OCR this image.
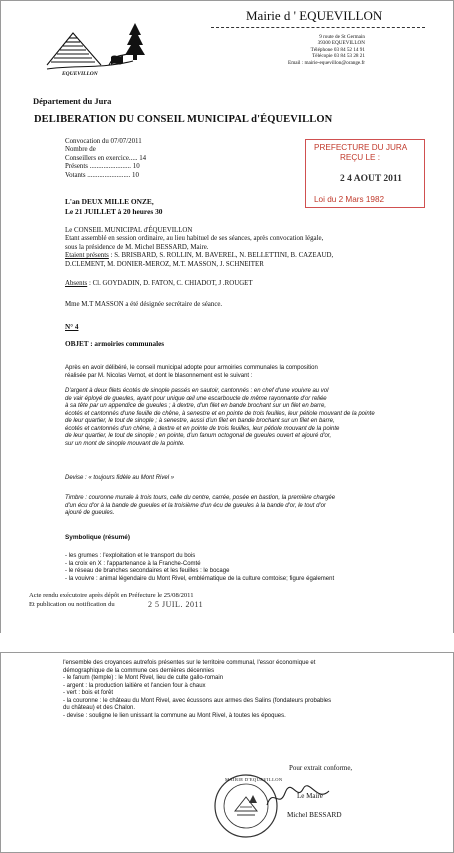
EQUEVILLON
Mairie d ' EQUEVILLON
9 route de St Germain
39300 EQUEVILLON
Téléphone 03 84 52 14 91
Télécopie 03 84 53 28 21
Email : mairie-equevillon@orange.fr
Département du Jura
DELIBERATION DU CONSEIL MUNICIPAL d'ÉQUEVILLON
Convocation du 07/07/2011
Nombre de
Conseillers en exercice..... 14
Présents ........................ 10
Votants ......................... 10
PREFECTURE DU JURA
REÇU LE :
2 4 AOUT 2011
Loi du 2 Mars 1982
L'an DEUX MILLE ONZE,
Le 21 JUILLET à 20 heures 30
Le CONSEIL MUNICIPAL d'ÉQUEVILLON
Etant assemblé en session ordinaire, au lieu habituel de ses séances, après convocation légale,
sous la présidence de M. Michel BESSARD, Maire.
Etaient présents : S. BRISBARD, S. ROLLIN, M. BAVEREL, N. BELLETTINI, B. CAZEAUD,
D.CLEMENT, M. DONIER-MEROZ, M.T. MASSON, J. SCHNEITER
Absents : Cl. GOYDADIN, D. FATON, C. CHIADOT, J .ROUGET
Mme M.T MASSON a été désignée secrétaire de séance.
N° 4
OBJET : armoiries communales
Après en avoir délibéré, le conseil municipal adopte pour armoiries communales la composition
réalisée par M. Nicolas Vernot, et dont le blasonnement est le suivant :
D'argent à deux filets écotés de sinople passés en sautoir, cantonnés : en chef d'une vouivre au vol
de vair éployé de gueules, ayant pour unique œil une escarboucle de même rayonnante d'or reliée
à sa tête par un appendice de gueules ; à dextre, d'un filet en bande brochant sur un filet en barre,
écotés et cantonnés d'une feuille de chêne, à senestre et en pointe de trois feuilles, leur pétiole mouvant de la pointe
de leur quartier, le tout de sinople ; à senestre, aussi d'un filet en bande brochant sur un filet en barre,
écotés et cantonnés d'un chêne, à dextre et en pointe de trois feuilles, leur pétiole mouvant de la pointe
de leur quartier, le tout de sinople ; en pointe, d'un fanum octogonal de gueules ouvert et ajouré d'or,
sur un mont de sinople mouvant de la pointe.
Devise : « toujours fidèle au Mont Rivel »
Timbre : couronne murale à trois tours, celle du centre, carrée, posée en bastion, la première chargée
d'un écu d'or à la bande de gueules et la troisième d'un écu de gueules à la bande d'or, le tout d'or
ajouré de gueules.
Symbolique (résumé)
- les grumes : l'exploitation et le transport du bois
- la croix en X : l'appartenance à la Franche-Comté
- le réseau de branches secondaires et les feuilles : le bocage
- la vouivre : animal légendaire du Mont Rivel, emblématique de la culture comtoise; figure également
Acte rendu exécutoire après dépôt en Préfecture le 25/08/2011
Et publication ou notification du	2 5 JUIL. 2011
l'ensemble des croyances autrefois présentes sur le territoire communal, l'essor économique et
démographique de la commune ces dernières décennies
- le fanum (temple) : le Mont Rivel, lieu de culte gallo-romain
- argent : la production laitière et l'ancien four à chaux
- vert : bois et forêt
- la couronne : le château du Mont Rivel, avec écussons aux armes des Salins (fondateurs probables
du château) et des Chalon.
- devise : souligne le lien unissant la commune au Mont Rivel, à toutes les époques.
Pour extrait conforme,
MAIRIE D'EQUEVILLON
Le Maire
Michel BESSARD
